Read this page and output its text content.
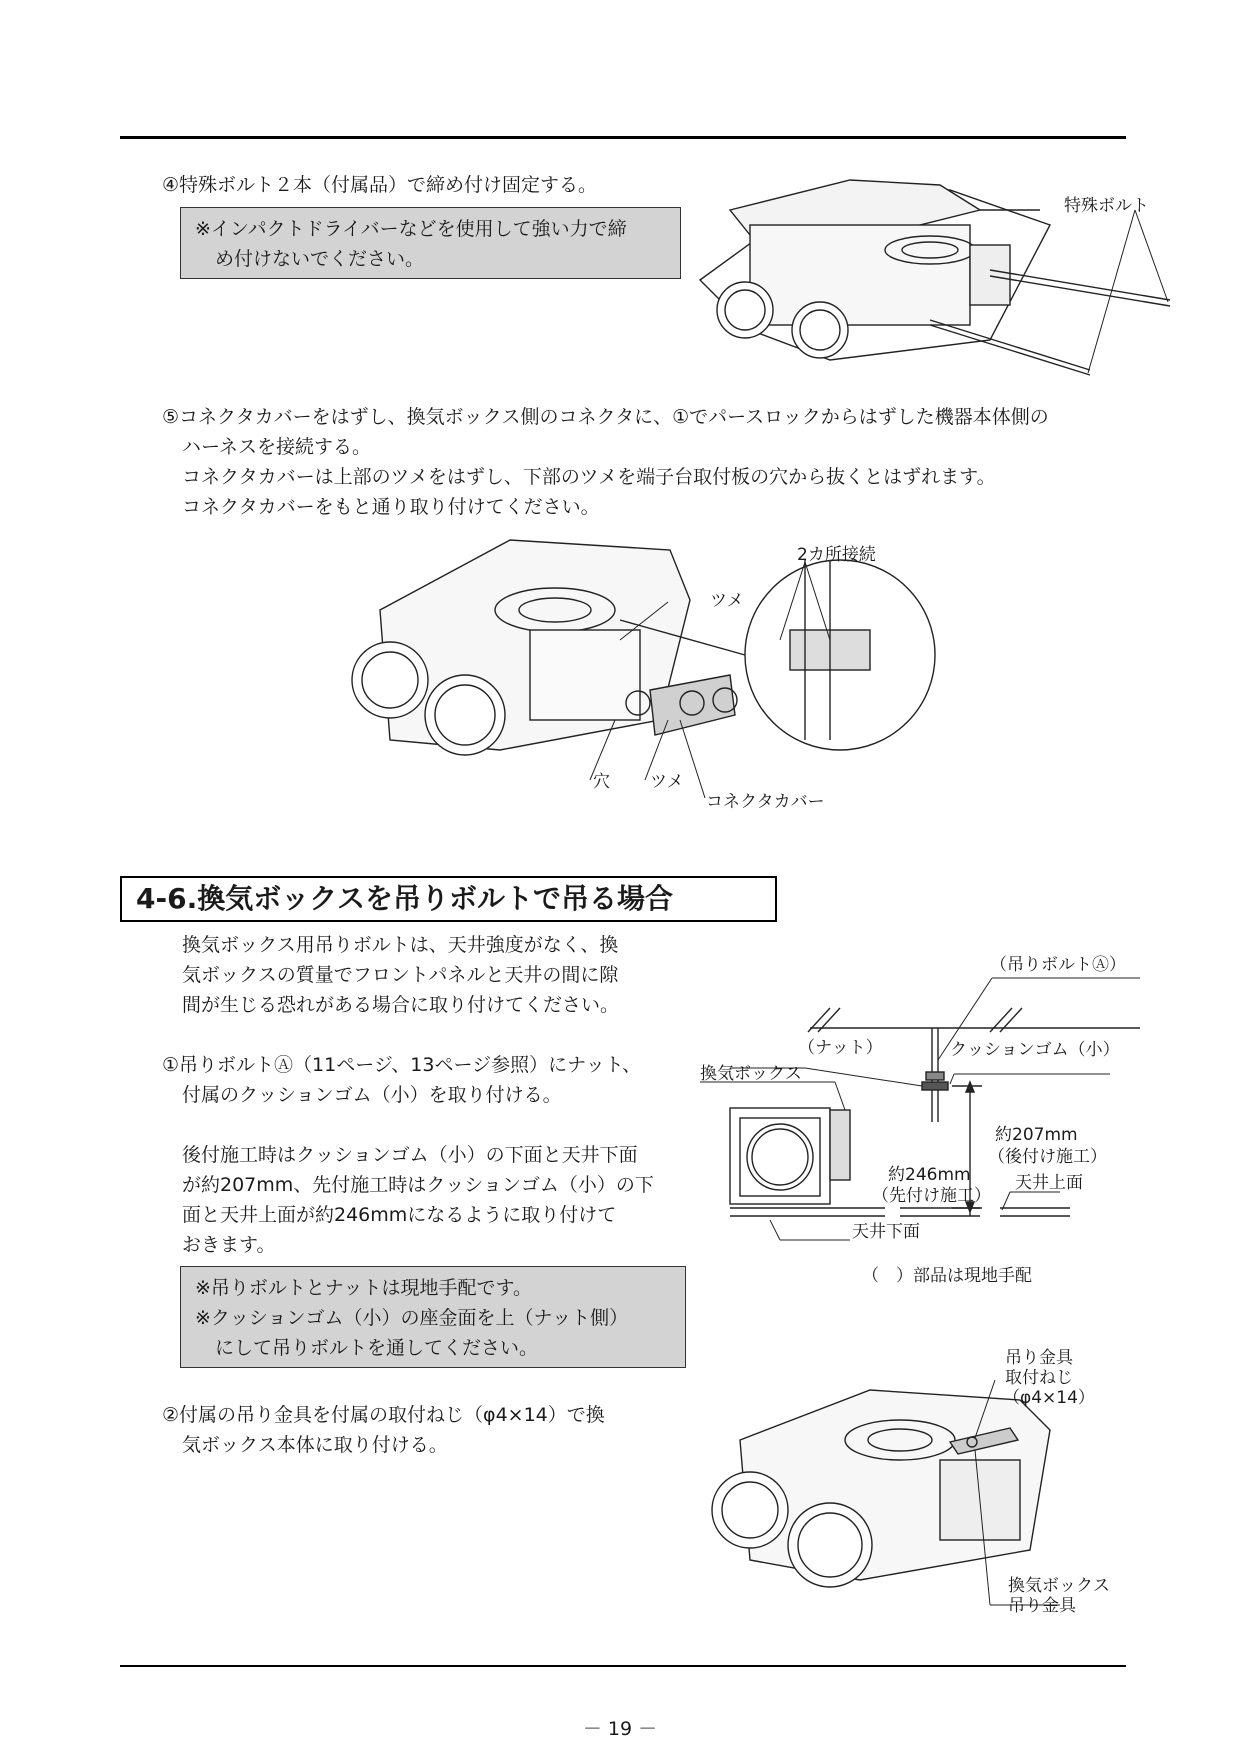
④特殊ボルト２本（付属品）で締め付け固定する。
※インパクトドライバーなどを使用して強い力で締
め付けないでください。
特殊ボルト
⑤コネクタカバーをはずし、換気ボックス側のコネクタに、①でパースロックからはずした機器本体側の
ハーネスを接続する。
コネクタカバーは上部のツメをはずし、下部のツメを端子台取付板の穴から抜くとはずれます。
コネクタカバーをもと通り取り付けてください。
2カ所接続
ツメ
穴 ツメ
コネクタカバー
4-6.換気ボックスを吊りボルトで吊る場合
換気ボックス用吊りボルトは、天井強度がなく、換
気ボックスの質量でフロントパネルと天井の間に隙
間が生じる恐れがある場合に取り付けてください。
①吊りボルトⒶ（11ページ、13ページ参照）にナット、
付属のクッションゴム（小）を取り付ける。
後付施工時はクッションゴム（小）の下面と天井下面
が約207mm、先付施工時はクッションゴム（小）の下
面と天井上面が約246mmになるように取り付けて
おきます。
※吊りボルトとナットは現地手配です。
※クッションゴム（小）の座金面を上（ナット側）
にして吊りボルトを通してください。
②付属の吊り金具を付属の取付ねじ（φ4×14）で換
気ボックス本体に取り付ける。
（吊りボルトⒶ）
（ナット）	クッションゴム（小）
換気ボックス
約207mm
（後付け施工）
約246mm
（先付け施工）
天井上面
天井下面
（　）部品は現地手配
吊り金具
取付ねじ
（φ4×14）
換気ボックス
吊り金具
－ 19 －
